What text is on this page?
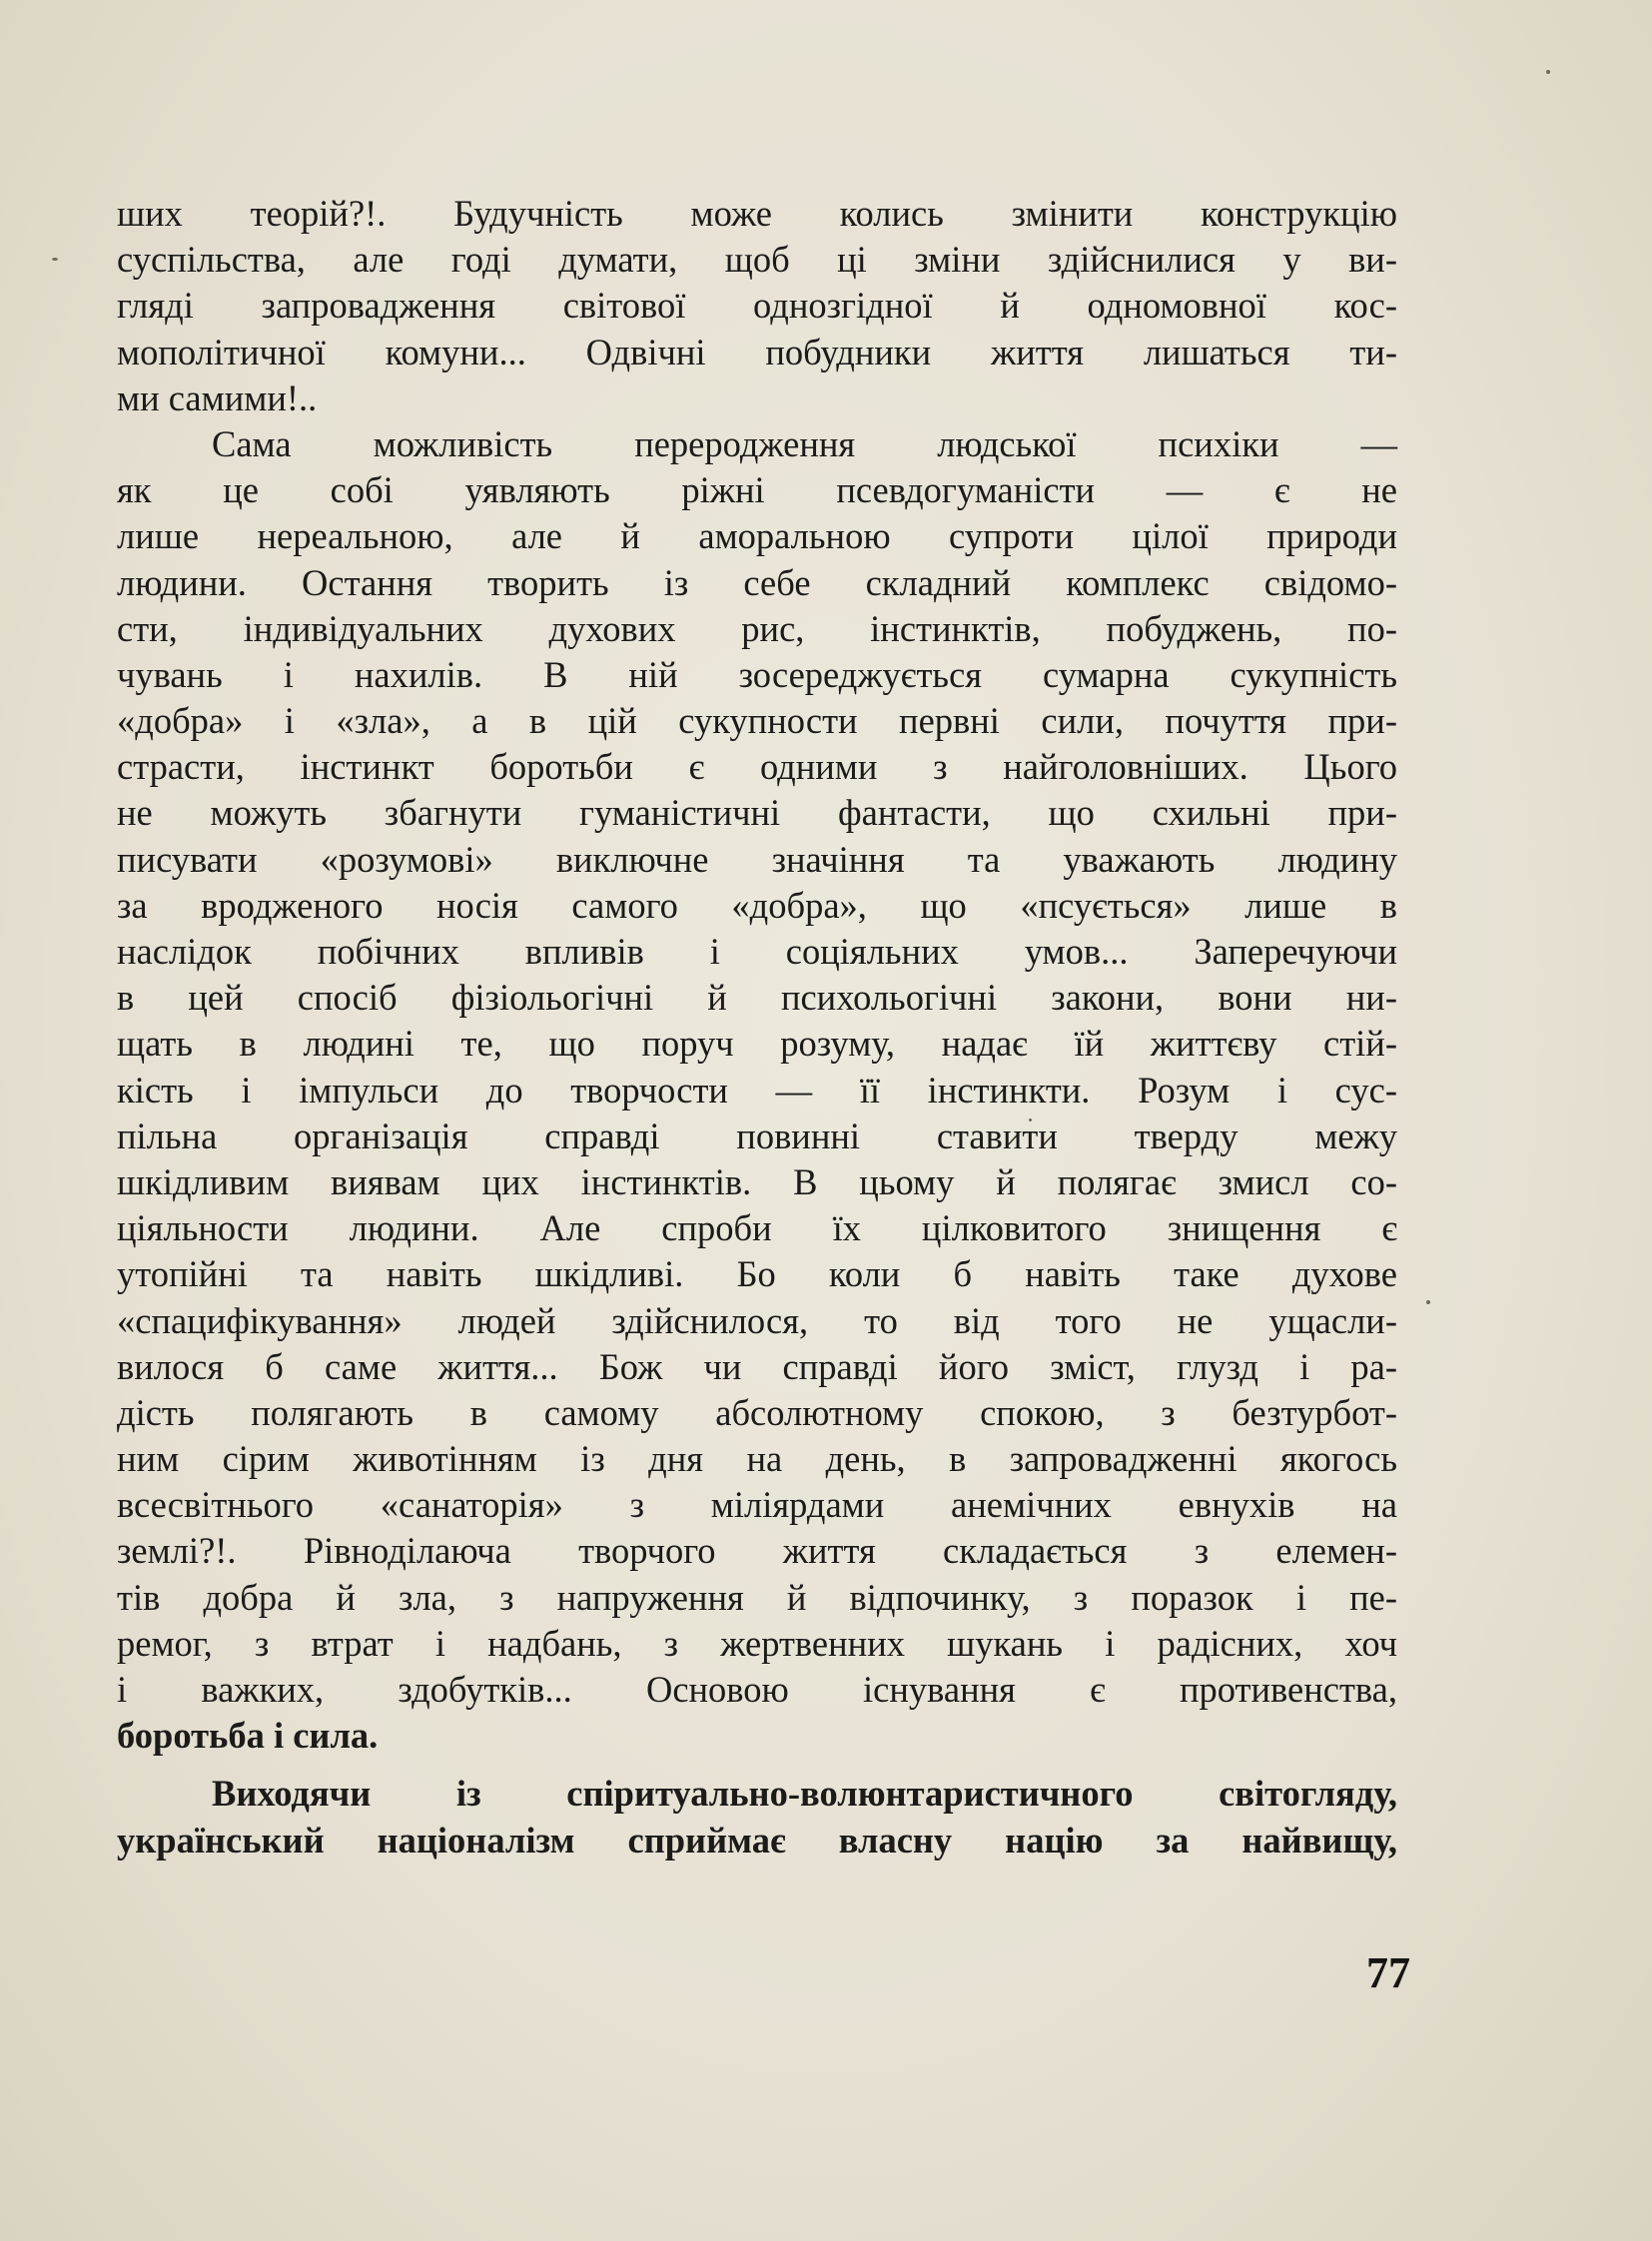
ших теорій?!. Будучність може колись змінити конструкцію
суспільства, але годі думати, щоб ці зміни здійснилися у ви-
гляді запровадження світової однозгідної й одномовної кос-
мополітичної комуни... Одвічні побудники життя лишаться ти-
ми самими!..
Сама можливість переродження людської психіки —
як це собі уявляють ріжні псевдогуманісти — є не
лише нереальною, але й аморальною супроти цілої природи
людини. Остання творить із себе складний комплекс свідомо-
сти, індивідуальних духових рис, інстинктів, побуджень, по-
чувань і нахилів. В ній зосереджується сумарна сукупність
«добра» і «зла», а в цій сукупности первні сили, почуття при-
страсти, інстинкт боротьби є одними з найголовніших. Цього
не можуть збагнути гуманістичні фантасти, що схильні при-
писувати «розумові» виключне значіння та уважають людину
за вродженого носія самого «добра», що «псується» лише в
наслідок побічних впливів і соціяльних умов... Заперечуючи
в цей спосіб фізіольогічні й психольогічні закони, вони ни-
щать в людині те, що поруч розуму, надає їй життєву стій-
кість і імпульси до творчости — її інстинкти. Розум і сус-
пільна організація справді повинні ставити тверду межу
шкідливим виявам цих інстинктів. В цьому й полягає змисл со-
ціяльности людини. Але спроби їх цілковитого знищення є
утопійні та навіть шкідливі. Бо коли б навіть таке духове
«спацифікування» людей здійснилося, то від того не ущасли-
вилося б саме життя... Бож чи справді його зміст, глузд і ра-
дість полягають в самому абсолютному спокою, з безтурбот-
ним сірим животінням із дня на день, в запровадженні якогось
всесвітнього «санаторія» з міліярдами анемічних евнухів на
землі?!. Рівноділаюча творчого життя складається з елемен-
тів добра й зла, з напруження й відпочинку, з поразок і пе-
ремог, з втрат і надбань, з жертвенних шукань і радісних, хоч
і важких, здобутків... Основою існування є противенства,
боротьба і сила.
Виходячи із спіритуально-волюнтаристичного світогляду,
український націоналізм сприймає власну націю за найвищу,
77
